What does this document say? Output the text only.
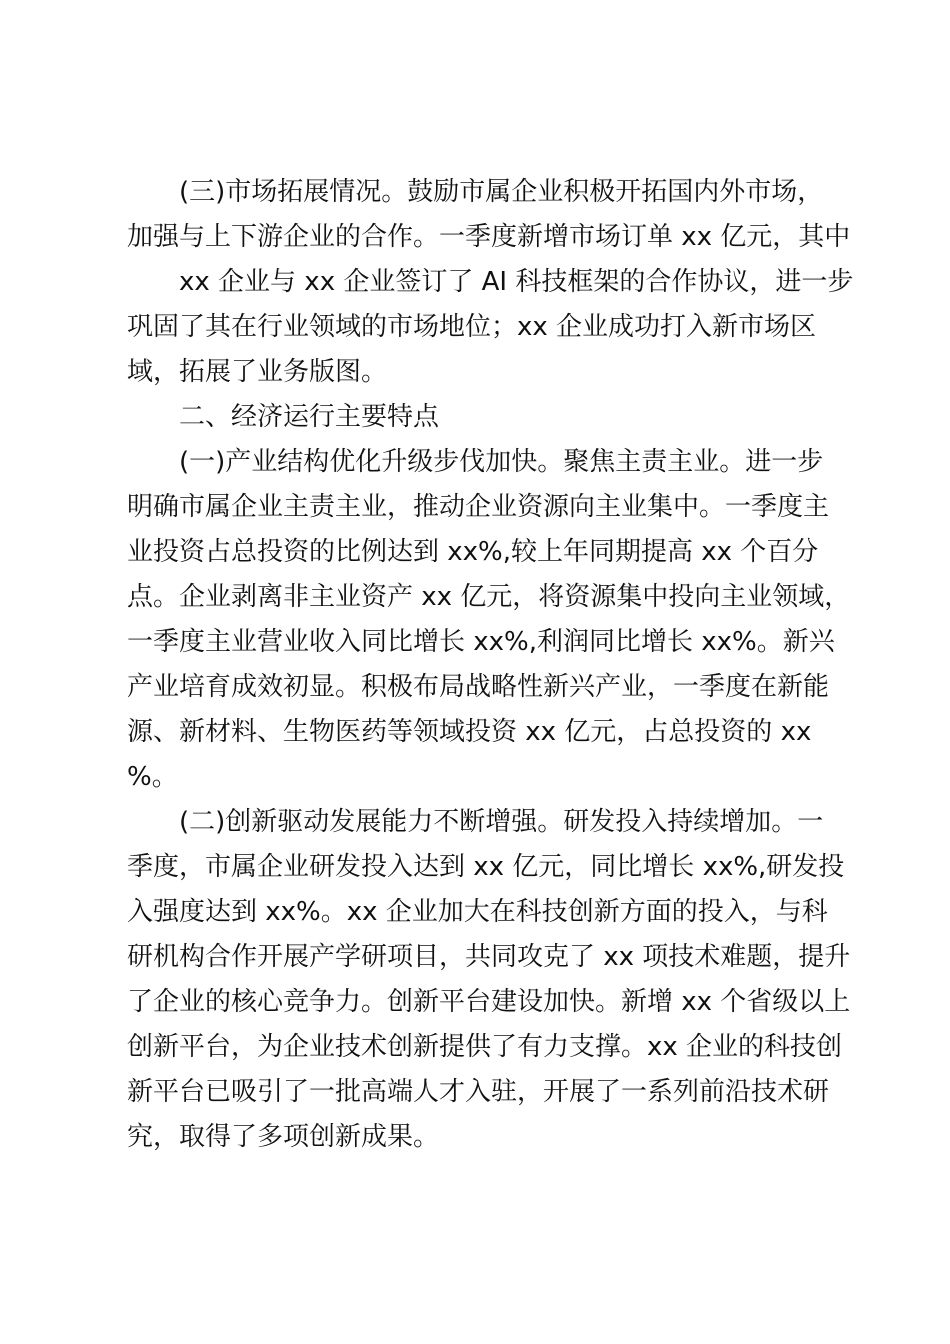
(三)市场拓展情况。鼓励市属企业积极开拓国内外市场，
加强与上下游企业的合作。一季度新增市场订单 xx 亿元，其中
xx 企业与 xx 企业签订了 AI 科技框架的合作协议，进一步
巩固了其在行业领域的市场地位；xx 企业成功打入新市场区
域，拓展了业务版图。
二、经济运行主要特点
(一)产业结构优化升级步伐加快。聚焦主责主业。进一步
明确市属企业主责主业，推动企业资源向主业集中。一季度主
业投资占总投资的比例达到 xx%,较上年同期提高 xx 个百分
点。企业剥离非主业资产 xx 亿元，将资源集中投向主业领域，
一季度主业营业收入同比增长 xx%,利润同比增长 xx%。新兴
产业培育成效初显。积极布局战略性新兴产业，一季度在新能
源、新材料、生物医药等领域投资 xx 亿元，占总投资的 xx
%。
(二)创新驱动发展能力不断增强。研发投入持续增加。一
季度，市属企业研发投入达到 xx 亿元，同比增长 xx%,研发投
入强度达到 xx%。xx 企业加大在科技创新方面的投入，与科
研机构合作开展产学研项目，共同攻克了 xx 项技术难题，提升
了企业的核心竞争力。创新平台建设加快。新增 xx 个省级以上
创新平台，为企业技术创新提供了有力支撑。xx 企业的科技创
新平台已吸引了一批高端人才入驻，开展了一系列前沿技术研
究，取得了多项创新成果。
